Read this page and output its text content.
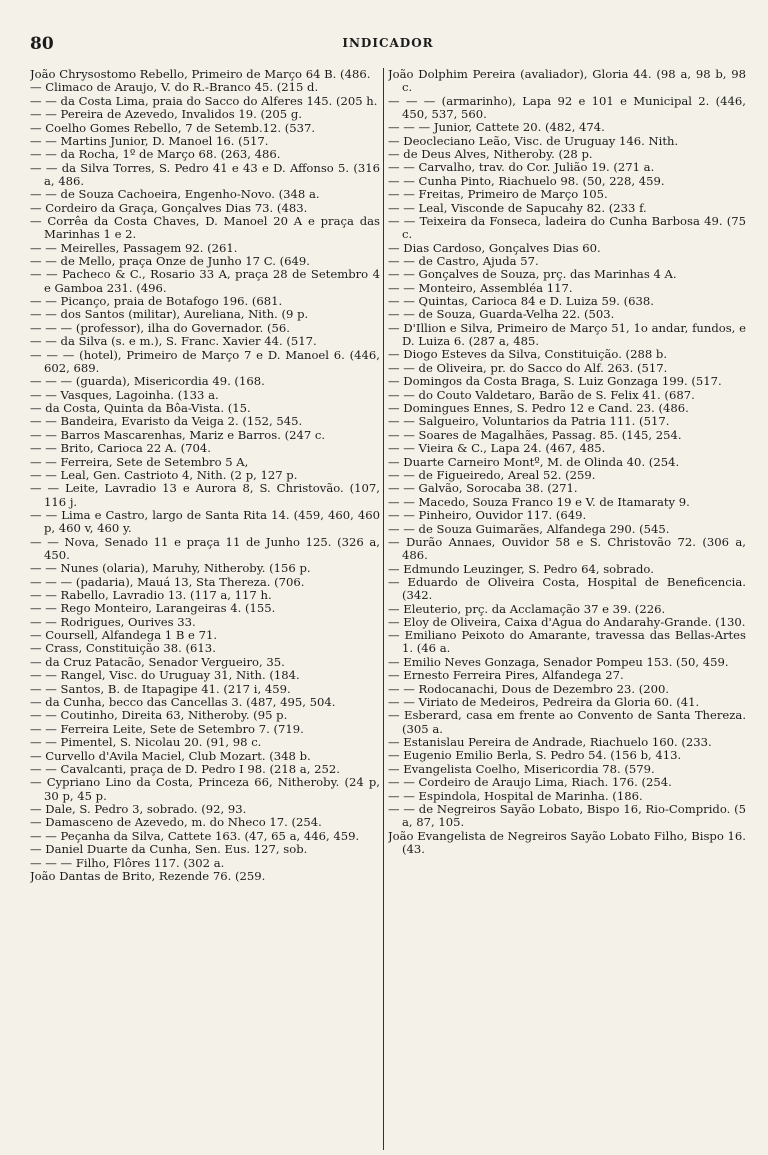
80	INDICADOR

João Chrysostomo Rebello, Primeiro de Março 64 B. (486.

— Climaco de Araujo, V. do R.-Branco 45. (215 d.

— — da Costa Lima, praia do Sacco do Alferes 145. (205 h.

— — Pereira de Azevedo, Invalidos 19. (205 g.

— Coelho Gomes Rebello, 7 de Setemb.12. (537.

— — Martins Junior, D. Manoel 16. (517.

— — da Rocha, 1º de Março 68. (263, 486.

— — da Silva Torres, S. Pedro 41 e 43 e D. Affonso 5. (316 a, 486.

— — de Souza Cachoeira, Engenho-Novo. (348 a.

— Cordeiro da Graça, Gonçalves Dias 73. (483.

— Corrêa da Costa Chaves, D. Manoel 20 A e praça das Marinhas 1 e 2.

— — Meirelles, Passagem 92. (261.

— — de Mello, praça Onze de Junho 17 C. (649.

— — Pacheco & C., Rosario 33 A, praça 28 de Setembro 4 e Gamboa 231. (496.

— — Picanço, praia de Botafogo 196. (681.

— — dos Santos (militar), Aureliana, Nith. (9 p.

— — — (professor), ilha do Governador. (56.

— — da Silva (s. e m.), S. Franc. Xavier 44. (517.

— — — (hotel), Primeiro de Março 7 e D. Manoel 6. (446, 602, 689.

— — — (guarda), Misericordia 49. (168.

— — Vasques, Lagoinha. (133 a.

— da Costa, Quinta da Bôa-Vista. (15.

— — Bandeira, Evaristo da Veiga 2. (152, 545.

— — Barros Mascarenhas, Mariz e Barros. (247 c.

— — Brito, Carioca 22 A. (704.

— — Ferreira, Sete de Setembro 5 A,

— — Leal, Gen. Castrioto 4, Nith. (2 p, 127 p.

— — Leite, Lavradio 13 e Aurora 8, S. Christovão. (107, 116 j.

— — Lima e Castro, largo de Santa Rita 14. (459, 460, 460 p, 460 v, 460 y.

— — Nova, Senado 11 e praça 11 de Junho 125. (326 a, 450.

— — Nunes (olaria), Maruhy, Nitheroby. (156 p.

— — — (padaria), Mauá 13, Sta Thereza. (706.

— — Rabello, Lavradio 13. (117 a, 117 h.

— — Rego Monteiro, Larangeiras 4. (155.

— — Rodrigues, Ourives 33.

— Coursell, Alfandega 1 B e 71.

— Crass, Constituição 38. (613.

— da Cruz Patacão, Senador Vergueiro, 35.

— — Rangel, Visc. do Uruguay 31, Nith. (184.

— — Santos, B. de Itapagipe 41. (217 i, 459.

— da Cunha, becco das Cancellas 3. (487, 495, 504.

— — Coutinho, Direita 63, Nitheroby. (95 p.

— — Ferreira Leite, Sete de Setembro 7. (719.

— — Pimentel, S. Nicolau 20. (91, 98 c.

— Curvello d'Avila Maciel, Club Mozart. (348 b.

— — Cavalcanti, praça de D. Pedro I 98. (218 a, 252.

— Cypriano Lino da Costa, Princeza 66, Nitheroby. (24 p, 30 p, 45 p.

— Dale, S. Pedro 3, sobrado. (92, 93.

— Damasceno de Azevedo, m. do Nheco 17. (254.

— — Peçanha da Silva, Cattete 163. (47, 65 a, 446, 459.

— Daniel Duarte da Cunha, Sen. Eus. 127, sob.

— — — Filho, Flôres 117. (302 a.

João Dantas de Brito, Rezende 76. (259.

João Dolphim Pereira (avaliador), Gloria 44. (98 a, 98 b, 98 c.

— — — (armarinho), Lapa 92 e 101 e Municipal 2. (446, 450, 537, 560.

— — — Junior, Cattete 20. (482, 474.

— Deocleciano Leão, Visc. de Uruguay 146. Nith.

— de Deus Alves, Nitheroby. (28 p.

— — Carvalho, trav. do Cor. Julião 19. (271 a.

— — Cunha Pinto, Riachuelo 98. (50, 228, 459.

— — Freitas, Primeiro de Março 105.

— — Leal, Visconde de Sapucahy 82. (233 f.

— — Teixeira da Fonseca, ladeira do Cunha Barbosa 49. (75 c.

— Dias Cardoso, Gonçalves Dias 60.

— — de Castro, Ajuda 57.

— — Gonçalves de Souza, prç. das Marinhas 4 A.

— — Monteiro, Assembléa 117.

— — Quintas, Carioca 84 e D. Luiza 59. (638.

— — de Souza, Guarda-Velha 22. (503.

— D'Illion e Silva, Primeiro de Março 51, 1o andar, fundos, e D. Luiza 6. (287 a, 485.

— Diogo Esteves da Silva, Constituição. (288 b.

— — de Oliveira, pr. do Sacco do Alf. 263. (517.

— Domingos da Costa Braga, S. Luiz Gonzaga 199. (517.

— — do Couto Valdetaro, Barão de S. Felix 41. (687.

— Domingues Ennes, S. Pedro 12 e Cand. 23. (486.

— — Salgueiro, Voluntarios da Patria 111. (517.

— — Soares de Magalhães, Passag. 85. (145, 254.

— — Vieira & C., Lapa 24. (467, 485.

— Duarte Carneiro Montº, M. de Olinda 40. (254.

— — de Figueiredo, Areal 52. (259.

— — Galvão, Sorocaba 38. (271.

— — Macedo, Souza Franco 19 e V. de Itamaraty 9.

— — Pinheiro, Ouvidor 117. (649.

— — de Souza Guimarães, Alfandega 290. (545.

— Durão Annaes, Ouvidor 58 e S. Christovão 72. (306 a, 486.

— Edmundo Leuzinger, S. Pedro 64, sobrado.

— Eduardo de Oliveira Costa, Hospital de Beneficencia. (342.

— Eleuterio, prç. da Acclamação 37 e 39. (226.

— Eloy de Oliveira, Caixa d'Agua do Andarahy-Grande. (130.

— Emiliano Peixoto do Amarante, travessa das Bellas-Artes 1. (46 a.

— Emilio Neves Gonzaga, Senador Pompeu 153. (50, 459.

— Ernesto Ferreira Pires, Alfandega 27.

— — Rodocanachi, Dous de Dezembro 23. (200.

— — Viriato de Medeiros, Pedreira da Gloria 60. (41.

— Esberard, casa em frente ao Convento de Santa Thereza. (305 a.

— Estanislau Pereira de Andrade, Riachuelo 160. (233.

— Eugenio Emilio Berla, S. Pedro 54. (156 b, 413.

— Evangelista Coelho, Misericordia 78. (579.

— — Cordeiro de Araujo Lima, Riach. 176. (254.

— — Espindola, Hospital de Marinha. (186.

— — de Negreiros Sayão Lobato, Bispo 16, Rio-Comprido. (5 a, 87, 105.

João Evangelista de Negreiros Sayão Lobato Filho, Bispo 16. (43.
